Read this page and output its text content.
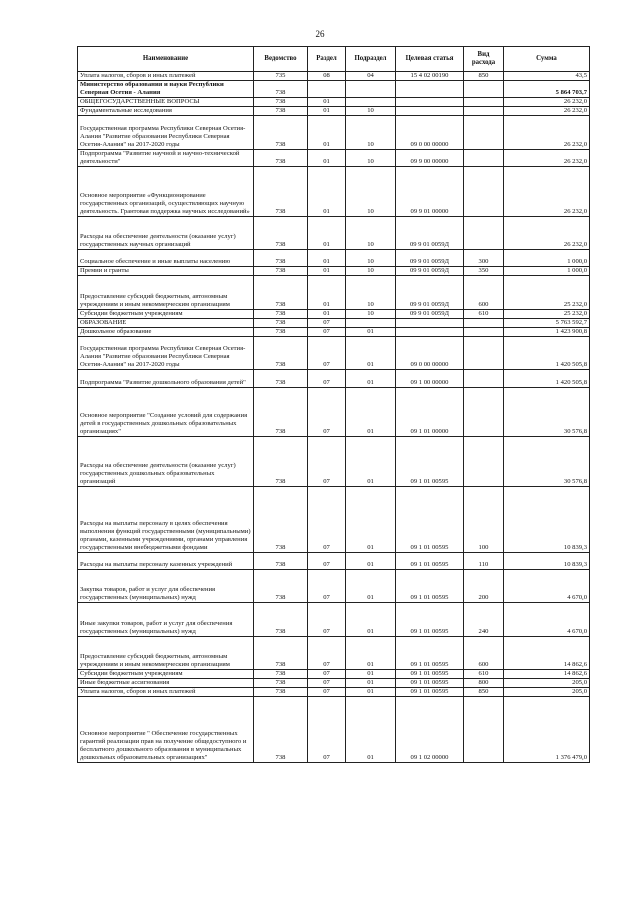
26
Наименование	Ведомство	Раздел	Подраздел	Целевая статья	Вид расхода	Сумма
Уплата налогов, сборов и иных платежей	735	08	04	15 4 02 00190	850	43,5
Министерство образования и науки Республики Северная Осетия - Алания	738					5 864 703,7
ОБЩЕГОСУДАРСТВЕННЫЕ ВОПРОСЫ	738	01				26 232,0
Фундаментальные исследования	738	01	10			26 232,0
Государственная программа Республики Северная Осетия-Алания "Развитие образования Республики Северная Осетия-Алания" на 2017-2020 годы	738	01	10	09 0 00 00000		26 232,0
Подпрограмма "Развитие научной и научно-технической деятельности"	738	01	10	09 9 00 00000		26 232,0
Основное мероприятие «Функционирование государственных организаций, осуществляющих научную деятельность. Грантовая поддержка научных исследований»	738	01	10	09 9 01 00000		26 232,0
Расходы на обеспечение деятельности (оказание услуг) государственных научных организаций	738	01	10	09 9 01 0059Д		26 232,0
Социальное обеспечение и иные выплаты населению	738	01	10	09 9 01 0059Д	300	1 000,0
Премии и гранты	738	01	10	09 9 01 0059Д	350	1 000,0
Предоставление субсидий бюджетным, автономным учреждениям и иным некоммерческим организациям	738	01	10	09 9 01 0059Д	600	25 232,0
Субсидии бюджетным учреждениям	738	01	10	09 9 01 0059Д	610	25 232,0
ОБРАЗОВАНИЕ	738	07				5 763 592,7
Дошкольное образование	738	07	01			1 423 900,8
Государственная программа Республики Северная Осетия-Алания "Развитие образования Республики Северная Осетия-Алания" на 2017-2020 годы	738	07	01	09 0 00 00000		1 420 505,8
Подпрограмма "Развитие дошкольного образования детей"	738	07	01	09 1 00 00000		1 420 505,8
Основное мероприятие "Создание условий для содержания детей в государственных дошкольных образовательных организациях"	738	07	01	09 1 01 00000		30 576,8
Расходы на обеспечение деятельности (оказание услуг) государственных дошкольных образовательных организаций	738	07	01	09 1 01 00595		30 576,8
Расходы на выплаты персоналу в целях обеспечения выполнения функций государственными (муниципальными) органами, казенными учреждениями, органами управления государственными внебюджетными фондами	738	07	01	09 1 01 00595	100	10 839,3
Расходы на выплаты персоналу казенных учреждений	738	07	01	09 1 01 00595	110	10 839,3
Закупка товаров, работ и услуг для обеспечения государственных (муниципальных) нужд	738	07	01	09 1 01 00595	200	4 670,0
Иные закупки товаров, работ и услуг для обеспечения государственных (муниципальных) нужд	738	07	01	09 1 01 00595	240	4 670,0
Предоставление субсидий бюджетным, автономным учреждениям и иным некоммерческим организациям	738	07	01	09 1 01 00595	600	14 862,6
Субсидии бюджетным учреждениям	738	07	01	09 1 01 00595	610	14 862,6
Иные бюджетные ассигнования	738	07	01	09 1 01 00595	800	205,0
Уплата налогов, сборов и иных платежей	738	07	01	09 1 01 00595	850	205,0
Основное мероприятие " Обеспечение государственных гарантий реализации прав на получение общедоступного и бесплатного дошкольного образования в муниципальных дошкольных образовательных организациях"	738	07	01	09 1 02 00000		1 376 479,0
